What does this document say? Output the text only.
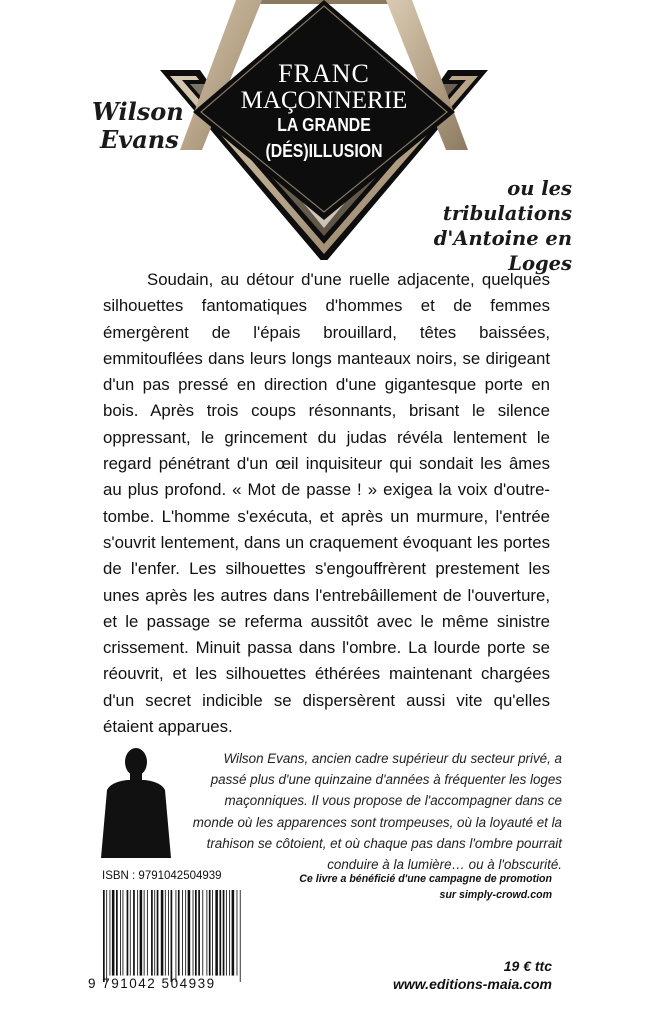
FRANC
MAÇONNERIE
LA GRANDE
(DÉS)ILLUSION
Wilson
Evans
ou les
tribulations
d'Antoine en Loges

Soudain, au détour d'une ruelle adjacente, quelques silhouettes fantomatiques d'hommes et de femmes émergèrent de l'épais brouillard, têtes baissées, emmitouflées dans leurs longs manteaux noirs, se dirigeant d'un pas pressé en direction d'une gigantesque porte en bois. Après trois coups résonnants, brisant le silence oppressant, le grincement du judas révéla lentement le regard pénétrant d'un œil inquisiteur qui sondait les âmes au plus profond. « Mot de passe ! » exigea la voix d'outre-tombe. L'homme s'exécuta, et après un murmure, l'entrée s'ouvrit lentement, dans un craquement évoquant les portes de l'enfer. Les silhouettes s'engouffrèrent prestement les unes après les autres dans l'entrebâillement de l'ouverture, et le passage se referma aussitôt avec le même sinistre crissement. Minuit passa dans l'ombre. La lourde porte se réouvrit, et les silhouettes éthérées maintenant chargées d'un secret indicible se dispersèrent aussi vite qu'elles étaient apparues.

Wilson Evans, ancien cadre supérieur du secteur privé, a passé plus d'une quinzaine d'années à fréquenter les loges maçonniques. Il vous propose de l'accompagner dans ce monde où les apparences sont trompeuses, où la loyauté et la trahison se côtoient, et où chaque pas dans l'ombre pourrait conduire à la lumière… ou à l'obscurité.

ISBN : 9791042504939
9 791042 504939
Ce livre a bénéficié d'une campagne de promotion
sur simply-crowd.com
19 € ttc
www.editions-maia.com
